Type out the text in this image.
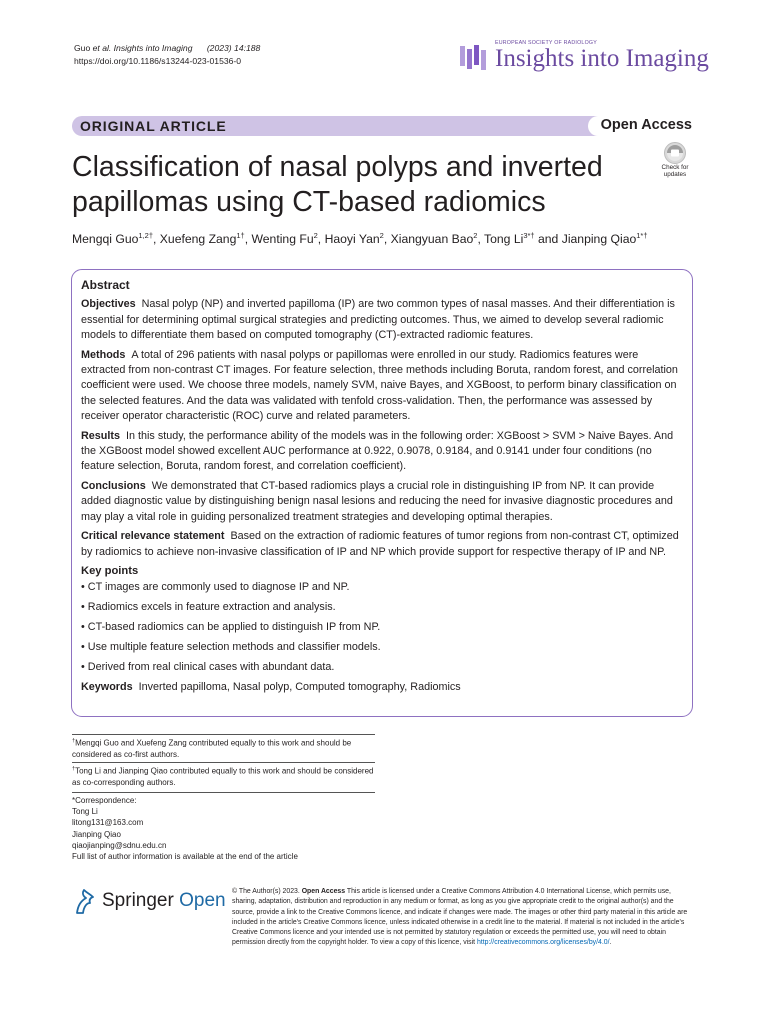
Guo et al. Insights into Imaging (2023) 14:188
https://doi.org/10.1186/s13244-023-01536-0
EUROPEAN SOCIETY OF RADIOLOGY
Insights into Imaging
ORIGINAL ARTICLE	Open Access
Classification of nasal polyps and inverted papillomas using CT-based radiomics
Check for
updates
Mengqi Guo$^{1,2\dagger}$, Xuefeng Zang$^{1\dagger}$, Wenting Fu$^2$, Haoyi Yan$^2$, Xiangyuan Bao$^2$, Tong $Li^{3*\dagger}$ and Jianping Qiao$^{1*\dagger}$
Abstract

Objectives Nasal polyp (NP) and inverted papilloma (IP) are two common types of nasal masses. And their differentiation is essential for determining optimal surgical strategies and predicting outcomes. Thus, we aimed to develop several radiomic models to differentiate them based on computed tomography (CT)-extracted radiomic features.

Methods A total of 296 patients with nasal polyps or papillomas were enrolled in our study. Radiomics features were extracted from non-contrast CT images. For feature selection, three methods including Boruta, random forest, and correlation coefficient were used. We choose three models, namely SVM, naive Bayes, and XGBoost, to perform binary classification on the selected features. And the data was validated with tenfold cross-validation. Then, the performance was assessed by receiver operator characteristic (ROC) curve and related parameters.

Results In this study, the performance ability of the models was in the following order: XGBoost > SVM > Naive Bayes. And the XGBoost model showed excellent AUC performance at 0.922, 0.9078, 0.9184, and 0.9141 under four conditions (no feature selection, Boruta, random forest, and correlation coefficient).

Conclusions We demonstrated that CT-based radiomics plays a crucial role in distinguishing IP from NP. It can provide added diagnostic value by distinguishing benign nasal lesions and reducing the need for invasive diagnostic procedures and may play a vital role in guiding personalized treatment strategies and developing optimal therapies.

Critical relevance statement Based on the extraction of radiomic features of tumor regions from non-contrast CT, optimized by radiomics to achieve non-invasive classification of IP and NP which provide support for respective therapy of IP and NP.

Key points
• CT images are commonly used to diagnose IP and NP.
• Radiomics excels in feature extraction and analysis.
• CT-based radiomics can be applied to distinguish IP from NP.
• Use multiple feature selection methods and classifier models.
• Derived from real clinical cases with abundant data.

Keywords Inverted papilloma, Nasal polyp, Computed tomography, Radiomics

†Mengqi Guo and Xuefeng Zang contributed equally to this work and should be considered as co-first authors.
†Tong Li and Jianping Qiao contributed equally to this work and should be considered as co-corresponding authors.
*Correspondence:
Tong Li
litong131@163.com
Jianping Qiao
qiaojianping@sdnu.edu.cn
Full list of author information is available at the end of the article
Springer Open © The Author(s) 2023. Open Access This article is licensed under a Creative Commons Attribution 4.0 International License, which permits use, sharing, adaptation, distribution and reproduction in any medium or format, as long as you give appropriate credit to the original author(s) and the source, provide a link to the Creative Commons licence, and indicate if changes were made. The images or other third party material in this article are included in the article's Creative Commons licence, unless indicated otherwise in a credit line to the material. If material is not included in the article's Creative Commons licence and your intended use is not permitted by statutory regulation or exceeds the permitted use, you will need to obtain permission directly from the copyright holder. To view a copy of this licence, visit http://creativecommons.org/licenses/by/4.0/.
